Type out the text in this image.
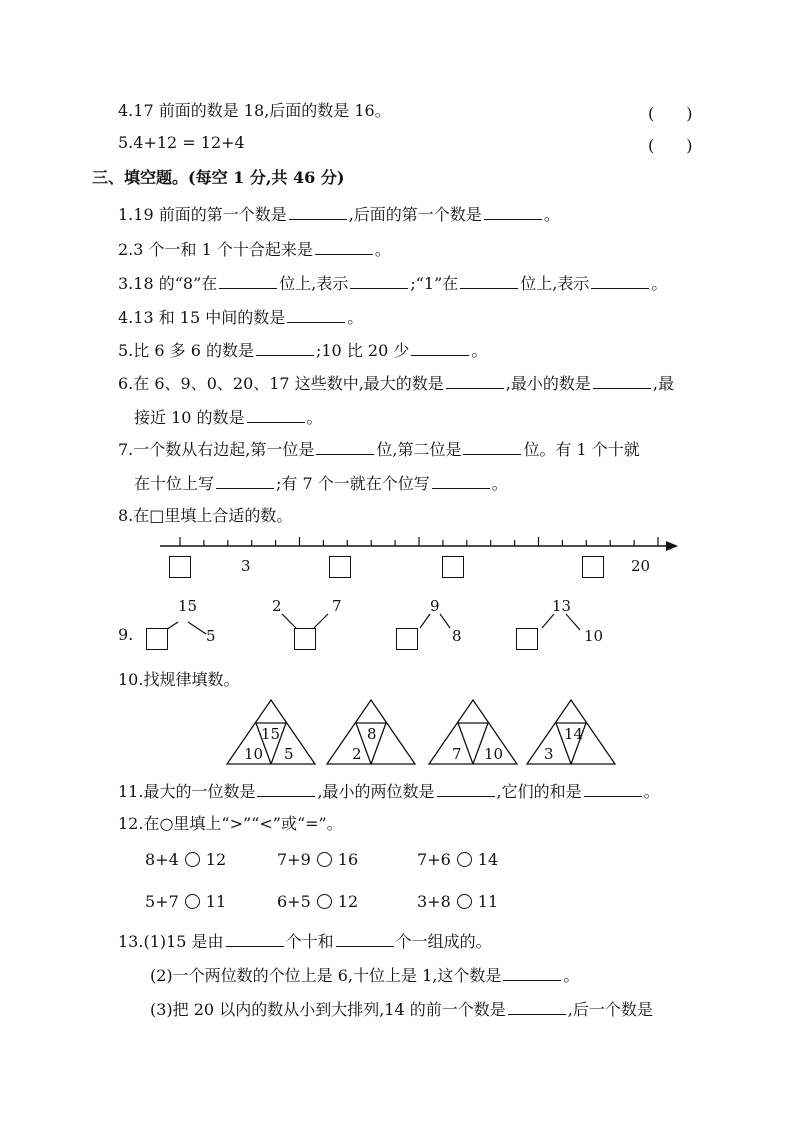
4.17 前面的数是 18,后面的数是 16。	(　　)
5.4+12 = 12+4	(　　)
三、填空题。(每空 1 分,共 46 分)
1.19 前面的第一个数是	,后面的第一个数是	。
2.3 个一和 1 个十合起来是	。
3.18 的“8”在	位上,表示	;“1”在	位上,表示	。
4.13 和 15 中间的数是	。
5.比 6 多 6 的数是	;10 比 20 少	。
6.在 6、9、0、20、17 这些数中,最大的数是	,最小的数是	,最
接近 10 的数是	。
7.一个数从右边起,第一位是	位,第二位是	位。有 1 个十就
在十位上写	;有 7 个一就在个位写	。
8.在□里填上合适的数。
3	20
9.
15
5
2	7	9
8
13
10
10.找规律填数。
15
10 5
8
2	7 10
14
3
11.最大的一位数是	,最小的两位数是	,它们的和是	。
12.在○里填上“>”“<”或“=”。
8+4 12	7+9 16	7+6 14
5+7 11	6+5 12	3+8 11
13.(1)15 是由	个十和	个一组成的。
(2)一个两位数的个位上是 6,十位上是 1,这个数是	。
(3)把 20 以内的数从小到大排列,14 的前一个数是	,后一个数是
